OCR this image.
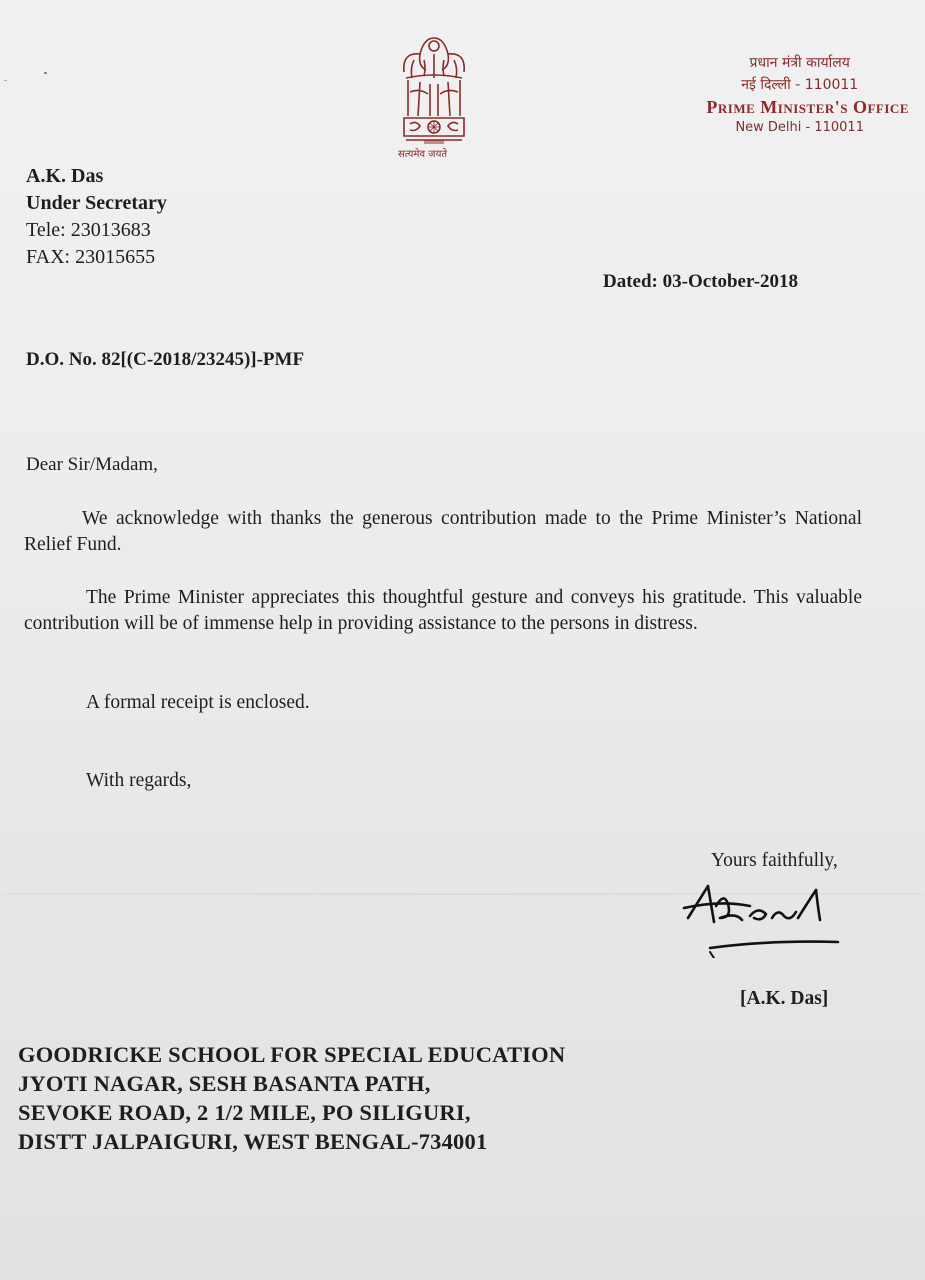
सत्यमेव जयते
प्रधान मंत्री कार्यालय
नई दिल्ली - 110011
Prime Minister's Office
New Delhi - 110011
A.K. Das
Under Secretary
Tele: 23013683
FAX: 23015655
Dated: 03-October-2018
D.O. No. 82[(C-2018/23245)]-PMF
Dear Sir/Madam,
We acknowledge with thanks the generous contribution made to the Prime Minister’s National Relief Fund.
The Prime Minister appreciates this thoughtful gesture and conveys his gratitude. This valuable contribution will be of immense help in providing assistance to the persons in distress.
A formal receipt is enclosed.
With regards,
Yours faithfully,
[A.K. Das]
GOODRICKE SCHOOL FOR SPECIAL EDUCATION
JYOTI NAGAR, SESH BASANTA PATH,
SEVOKE ROAD, 2 1/2 MILE, PO SILIGURI,
DISTT JALPAIGURI, WEST BENGAL-734001
